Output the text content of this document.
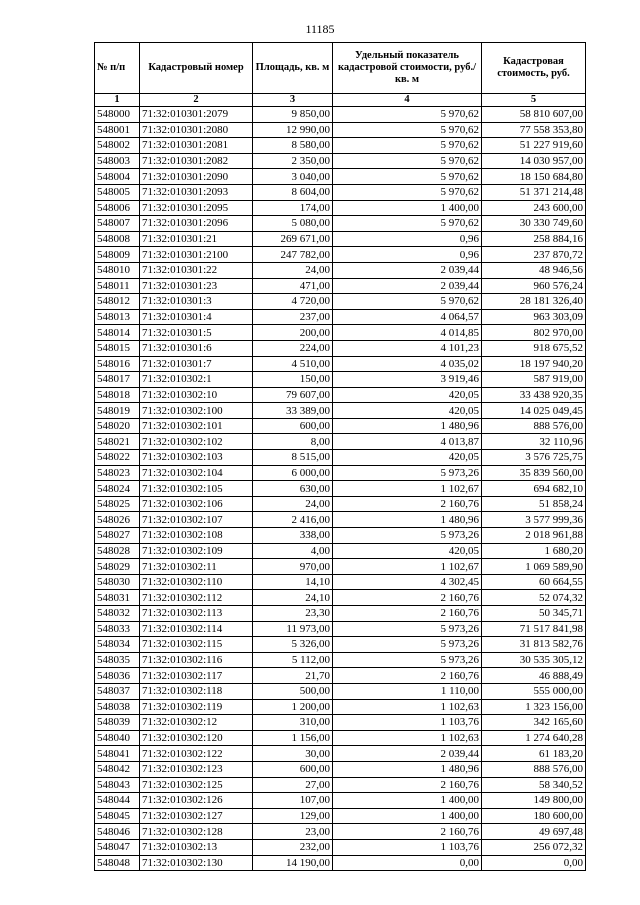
11185
№ п/п	Кадастровый номер	Площадь, кв. м	Удельный показатель кадастровой стоимости, руб./кв. м	Кадастровая стоимость, руб.
1	2	3	4	5
548000	71:32:010301:2079	9 850,00	5 970,62	58 810 607,00
548001	71:32:010301:2080	12 990,00	5 970,62	77 558 353,80
548002	71:32:010301:2081	8 580,00	5 970,62	51 227 919,60
548003	71:32:010301:2082	2 350,00	5 970,62	14 030 957,00
548004	71:32:010301:2090	3 040,00	5 970,62	18 150 684,80
548005	71:32:010301:2093	8 604,00	5 970,62	51 371 214,48
548006	71:32:010301:2095	174,00	1 400,00	243 600,00
548007	71:32:010301:2096	5 080,00	5 970,62	30 330 749,60
548008	71:32:010301:21	269 671,00	0,96	258 884,16
548009	71:32:010301:2100	247 782,00	0,96	237 870,72
548010	71:32:010301:22	24,00	2 039,44	48 946,56
548011	71:32:010301:23	471,00	2 039,44	960 576,24
548012	71:32:010301:3	4 720,00	5 970,62	28 181 326,40
548013	71:32:010301:4	237,00	4 064,57	963 303,09
548014	71:32:010301:5	200,00	4 014,85	802 970,00
548015	71:32:010301:6	224,00	4 101,23	918 675,52
548016	71:32:010301:7	4 510,00	4 035,02	18 197 940,20
548017	71:32:010302:1	150,00	3 919,46	587 919,00
548018	71:32:010302:10	79 607,00	420,05	33 438 920,35
548019	71:32:010302:100	33 389,00	420,05	14 025 049,45
548020	71:32:010302:101	600,00	1 480,96	888 576,00
548021	71:32:010302:102	8,00	4 013,87	32 110,96
548022	71:32:010302:103	8 515,00	420,05	3 576 725,75
548023	71:32:010302:104	6 000,00	5 973,26	35 839 560,00
548024	71:32:010302:105	630,00	1 102,67	694 682,10
548025	71:32:010302:106	24,00	2 160,76	51 858,24
548026	71:32:010302:107	2 416,00	1 480,96	3 577 999,36
548027	71:32:010302:108	338,00	5 973,26	2 018 961,88
548028	71:32:010302:109	4,00	420,05	1 680,20
548029	71:32:010302:11	970,00	1 102,67	1 069 589,90
548030	71:32:010302:110	14,10	4 302,45	60 664,55
548031	71:32:010302:112	24,10	2 160,76	52 074,32
548032	71:32:010302:113	23,30	2 160,76	50 345,71
548033	71:32:010302:114	11 973,00	5 973,26	71 517 841,98
548034	71:32:010302:115	5 326,00	5 973,26	31 813 582,76
548035	71:32:010302:116	5 112,00	5 973,26	30 535 305,12
548036	71:32:010302:117	21,70	2 160,76	46 888,49
548037	71:32:010302:118	500,00	1 110,00	555 000,00
548038	71:32:010302:119	1 200,00	1 102,63	1 323 156,00
548039	71:32:010302:12	310,00	1 103,76	342 165,60
548040	71:32:010302:120	1 156,00	1 102,63	1 274 640,28
548041	71:32:010302:122	30,00	2 039,44	61 183,20
548042	71:32:010302:123	600,00	1 480,96	888 576,00
548043	71:32:010302:125	27,00	2 160,76	58 340,52
548044	71:32:010302:126	107,00	1 400,00	149 800,00
548045	71:32:010302:127	129,00	1 400,00	180 600,00
548046	71:32:010302:128	23,00	2 160,76	49 697,48
548047	71:32:010302:13	232,00	1 103,76	256 072,32
548048	71:32:010302:130	14 190,00	0,00	0,00
